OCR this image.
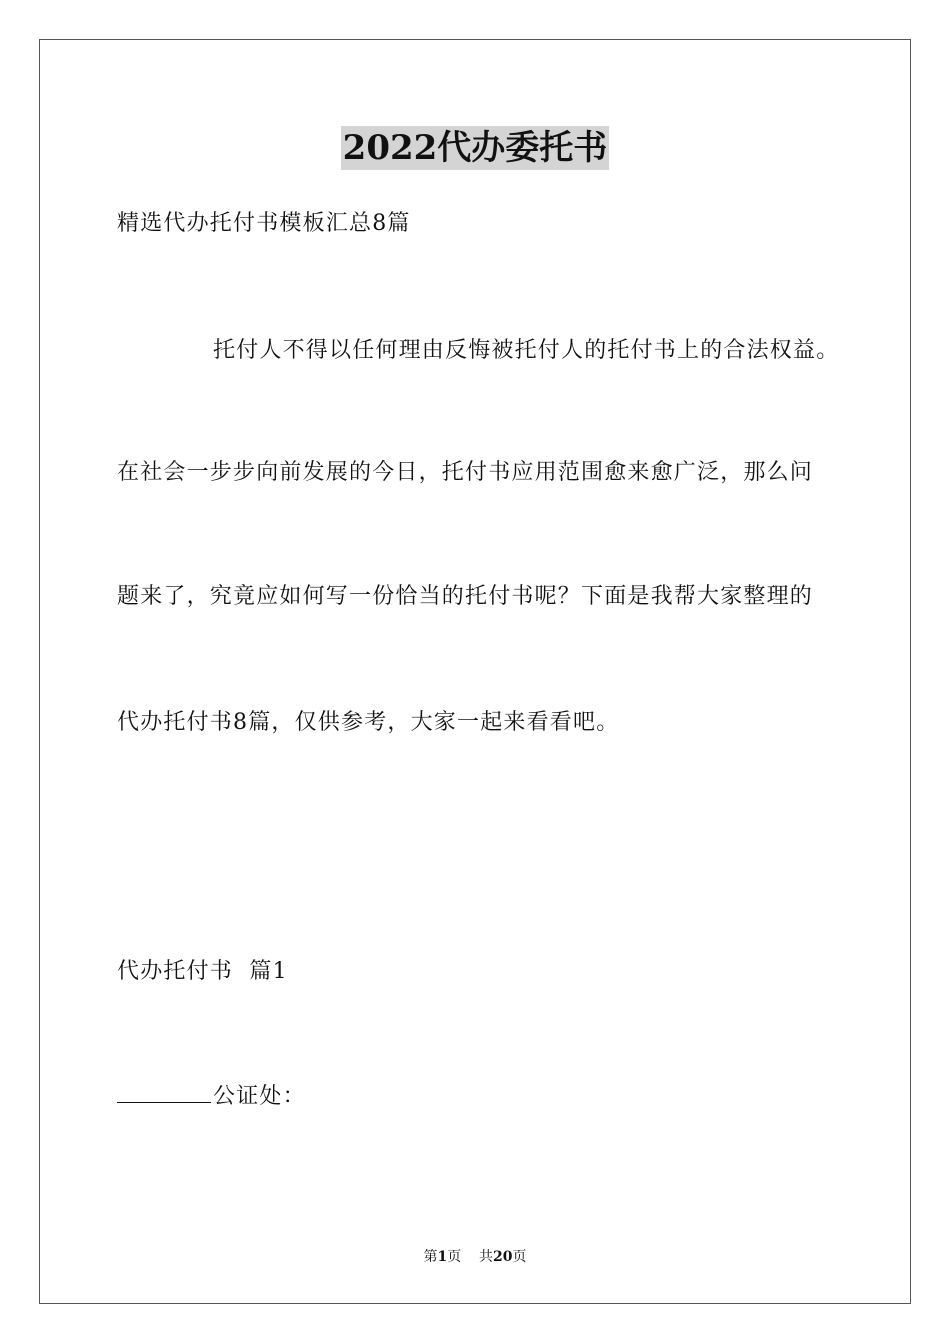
2022代办委托书
精选代办托付书模板汇总8篇
托付人不得以任何理由反悔被托付人的托付书上的合法权益。
在社会一步步向前发展的今日，托付书应用范围愈来愈广泛，那么问
题来了，究竟应如何写一份恰当的托付书呢？下面是我帮大家整理的
代办托付书8篇，仅供参考，大家一起来看看吧。
代办托付书  篇1
公证处：
第1页 共20页
